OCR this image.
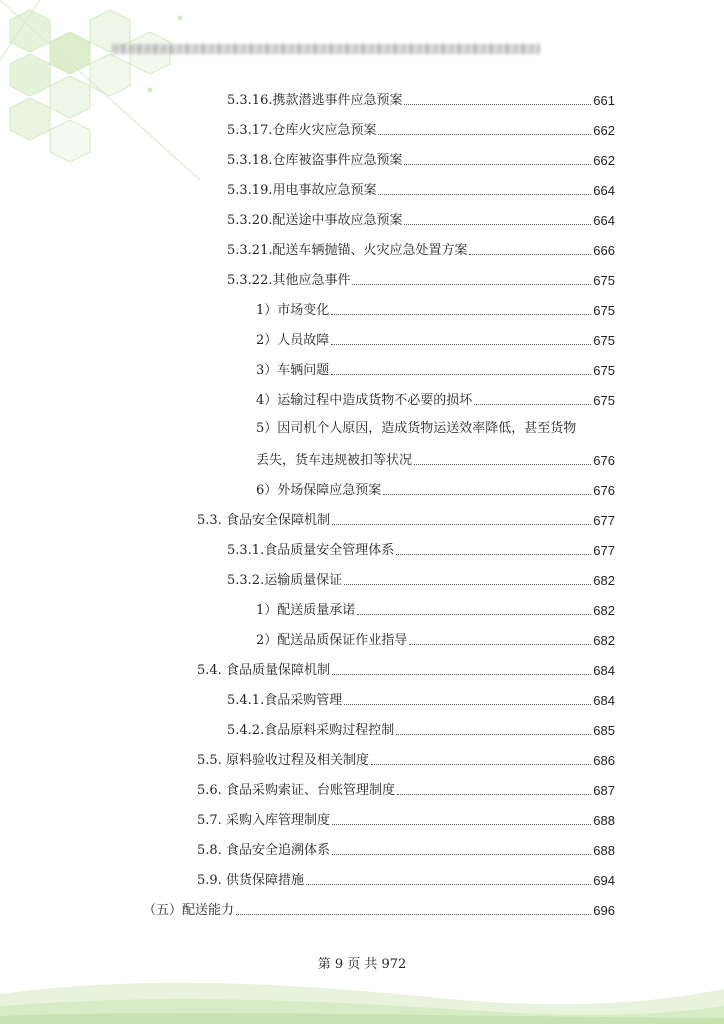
5.3.16.携款潜逃事件应急预案	661
5.3.17.仓库火灾应急预案	662
5.3.18.仓库被盗事件应急预案	662
5.3.19.用电事故应急预案	664
5.3.20.配送途中事故应急预案	664
5.3.21.配送车辆抛锚、火灾应急处置方案	666
5.3.22.其他应急事件	675
1）市场变化	675
2）人员故障	675
3）车辆问题	675
4）运输过程中造成货物不必要的损坏	675
5）因司机个人原因，造成货物运送效率降低，甚至货物
丢失，货车违规被扣等状况	676
6）外场保障应急预案	676
5.3. 食品安全保障机制	677
5.3.1.食品质量安全管理体系	677
5.3.2.运输质量保证	682
1）配送质量承诺	682
2）配送品质保证作业指导	682
5.4. 食品质量保障机制	684
5.4.1.食品采购管理	684
5.4.2.食品原料采购过程控制	685
5.5. 原料验收过程及相关制度	686
5.6. 食品采购索证、台账管理制度	687
5.7. 采购入库管理制度	688
5.8. 食品安全追溯体系	688
5.9. 供货保障措施	694
（五）配送能力	696
第 9 页 共 972
